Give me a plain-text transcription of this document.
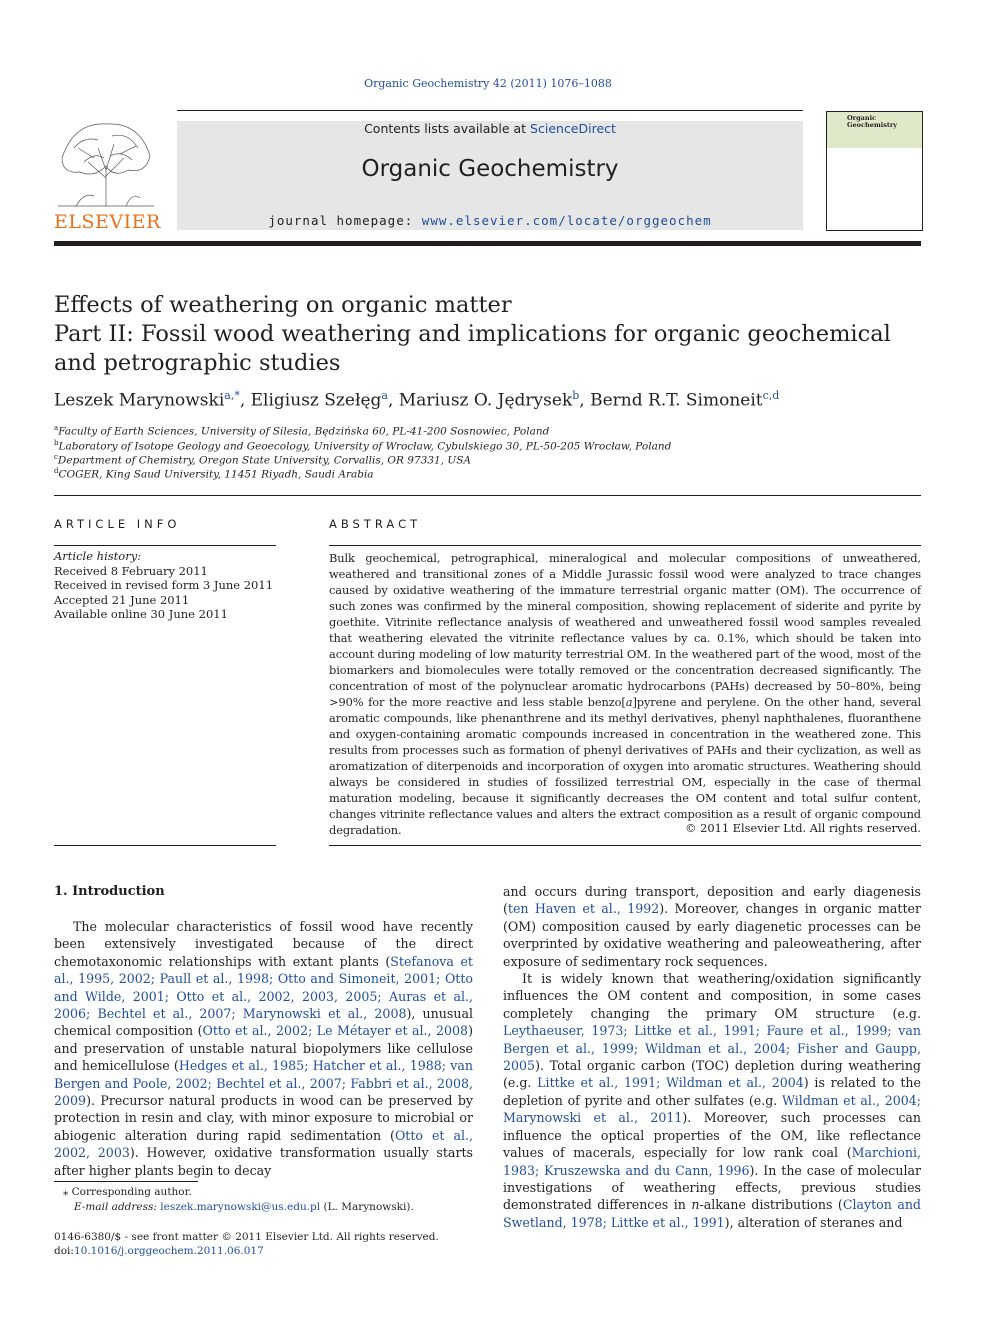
Organic Geochemistry 42 (2011) 1076–1088
ELSEVIER
Contents lists available at ScienceDirect
Organic Geochemistry
journal homepage: www.elsevier.com/locate/orggeochem
Organic
Geochemistry
Effects of weathering on organic matter
Part II: Fossil wood weathering and implications for organic geochemical
and petrographic studies
Leszek Marynowski$^{a,*}$, Eligiusz Szełęg$^a$, Mariusz O. Jędrysek$^b$, Bernd R.T. Simoneit$^{c,d}$
$^a$Faculty of Earth Sciences, University of Silesia, Będzińska 60, PL-41-200 Sosnowiec, Poland
$^b$Laboratory of Isotope Geology and Geoecology, University of Wrocław, Cybulskiego 30, PL-50-205 Wrocław, Poland
$^c$Department of Chemistry, Oregon State University, Corvallis, OR 97331, USA
$^d$COGER, King Saud University, 11451 Riyadh, Saudi Arabia
ARTICLE INFO
Article history:
Received 8 February 2011
Received in revised form 3 June 2011
Accepted 21 June 2011
Available online 30 June 2011
ABSTRACT
Bulk geochemical, petrographical, mineralogical and molecular compositions of unweathered, weathered and transitional zones of a Middle Jurassic fossil wood were analyzed to trace changes caused by oxidative weathering of the immature terrestrial organic matter (OM). The occurrence of such zones was confirmed by the mineral composition, showing replacement of siderite and pyrite by goethite. Vitrinite reflectance analysis of weathered and unweathered fossil wood samples revealed that weathering elevated the vitrinite reflectance values by ca. 0.1%, which should be taken into account during modeling of low maturity terrestrial OM. In the weathered part of the wood, most of the biomarkers and biomolecules were totally removed or the concentration decreased significantly. The concentration of most of the polynuclear aromatic hydrocarbons (PAHs) decreased by 50–80%, being >90% for the more reactive and less stable benzo[a]pyrene and perylene. On the other hand, several aromatic compounds, like phenanthrene and its methyl derivatives, phenyl naphthalenes, fluoranthene and oxygen-containing aromatic compounds increased in concentration in the weathered zone. This results from processes such as formation of phenyl derivatives of PAHs and their cyclization, as well as aromatization of diterpenoids and incorporation of oxygen into aromatic structures. Weathering should always be considered in studies of fossilized terrestrial OM, especially in the case of thermal maturation modeling, because it significantly decreases the OM content and total sulfur content, changes vitrinite reflectance values and alters the extract composition as a result of organic compound degradation.	© 2011 Elsevier Ltd. All rights reserved.
1. Introduction

The molecular characteristics of fossil wood have recently been extensively investigated because of the direct chemotaxonomic relationships with extant plants (Stefanova et al., 1995, 2002; Paull et al., 1998; Otto and Simoneit, 2001; Otto and Wilde, 2001; Otto et al., 2002, 2003, 2005; Auras et al., 2006; Bechtel et al., 2007; Marynowski et al., 2008), unusual chemical composition (Otto et al., 2002; Le Métayer et al., 2008) and preservation of unstable natural biopolymers like cellulose and hemicellulose (Hedges et al., 1985; Hatcher et al., 1988; van Bergen and Poole, 2002; Bechtel et al., 2007; Fabbri et al., 2008, 2009). Precursor natural products in wood can be preserved by protection in resin and clay, with minor exposure to microbial or abiogenic alteration during rapid sedimentation (Otto et al., 2002, 2003). However, oxidative transformation usually starts after higher plants begin to decay

and occurs during transport, deposition and early diagenesis (ten Haven et al., 1992). Moreover, changes in organic matter (OM) composition caused by early diagenetic processes can be overprinted by oxidative weathering and paleoweathering, after exposure of sedimentary rock sequences.

It is widely known that weathering/oxidation significantly influences the OM content and composition, in some cases completely changing the primary OM structure (e.g. Leythaeuser, 1973; Littke et al., 1991; Faure et al., 1999; van Bergen et al., 1999; Wildman et al., 2004; Fisher and Gaupp, 2005). Total organic carbon (TOC) depletion during weathering (e.g. Littke et al., 1991; Wildman et al., 2004) is related to the depletion of pyrite and other sulfates (e.g. Wildman et al., 2004; Marynowski et al., 2011). Moreover, such processes can influence the optical properties of the OM, like reflectance values of macerals, especially for low rank coal (Marchioni, 1983; Kruszewska and du Cann, 1996). In the case of molecular investigations of weathering effects, previous studies demonstrated differences in n-alkane distributions (Clayton and Swetland, 1978; Littke et al., 1991), alteration of steranes and

⁎ Corresponding author.
E-mail address: leszek.marynowski@us.edu.pl (L. Marynowski).
0146-6380/$ - see front matter © 2011 Elsevier Ltd. All rights reserved.
doi:10.1016/j.orggeochem.2011.06.017
